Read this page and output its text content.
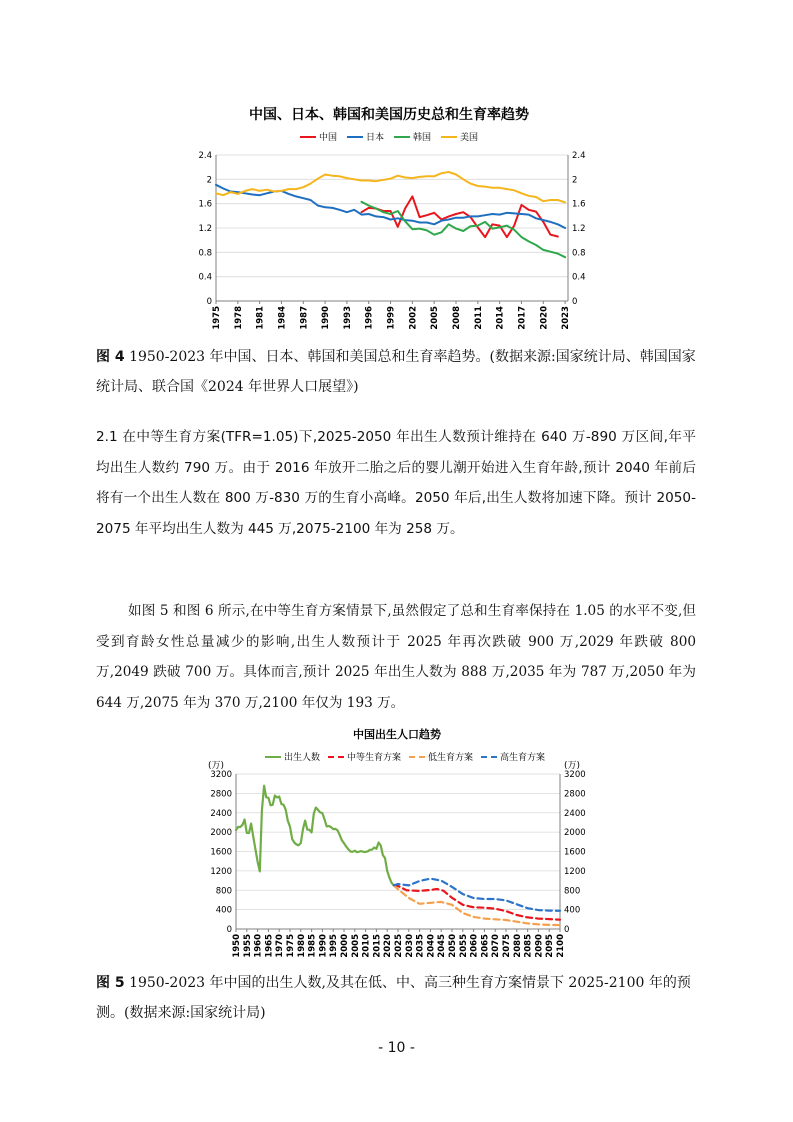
中国、日本、韩国和美国历史总和生育率趋势
中国	日本	韩国	美国
0	0
0.4	0.4
0.8	0.8
1.2	1.2
1.6	1.6
2	2
2.4	2.4
1975 1978 1981 1984 1987 1990 1993 1996 1999 2002 2005 2008 2011 2014 2017 2020 2023
图 4 1950-2023 年中国、日本、韩国和美国总和生育率趋势。(数据来源:国家统计局、韩国国家统计局、联合国《2024 年世界人口展望》)
2.1 在中等生育方案(TFR=1.05)下,2025-2050 年出生人数预计维持在 640 万-890 万区间,年平均出生人数约 790 万。由于 2016 年放开二胎之后的婴儿潮开始进入生育年龄,预计 2040 年前后将有一个出生人数在 800 万-830 万的生育小高峰。2050 年后,出生人数将加速下降。预计 2050-2075 年平均出生人数为 445 万,2075-2100 年为 258 万。
如图 5 和图 6 所示,在中等生育方案情景下,虽然假定了总和生育率保持在 1.05 的水平不变,但受到育龄女性总量减少的影响,出生人数预计于 2025 年再次跌破 900 万,2029 年跌破 800 万,2049 跌破 700 万。具体而言,预计 2025 年出生人数为 888 万,2035 年为 787 万,2050 年为 644 万,2075 年为 370 万,2100 年仅为 193 万。
中国出生人口趋势
(万)	(万)
出生人数	中等生育方案	低生育方案	高生育方案
0	0
400	400
800	800
1200	1200
1600	1600
2000	2000
2400	2400
2800	2800
3200	3200
1950 1955 1960 1965 1970 1975 1980 1985 1990 1995 2000 2005 2010 2015 2020 2025 2030 2035 2040 2045 2050 2055 2060 2065 2070 2075 2080 2085 2090 2095 2100
图 5 1950-2023 年中国的出生人数,及其在低、中、高三种生育方案情景下 2025-2100 年的预测。(数据来源:国家统计局)
- 10 -
